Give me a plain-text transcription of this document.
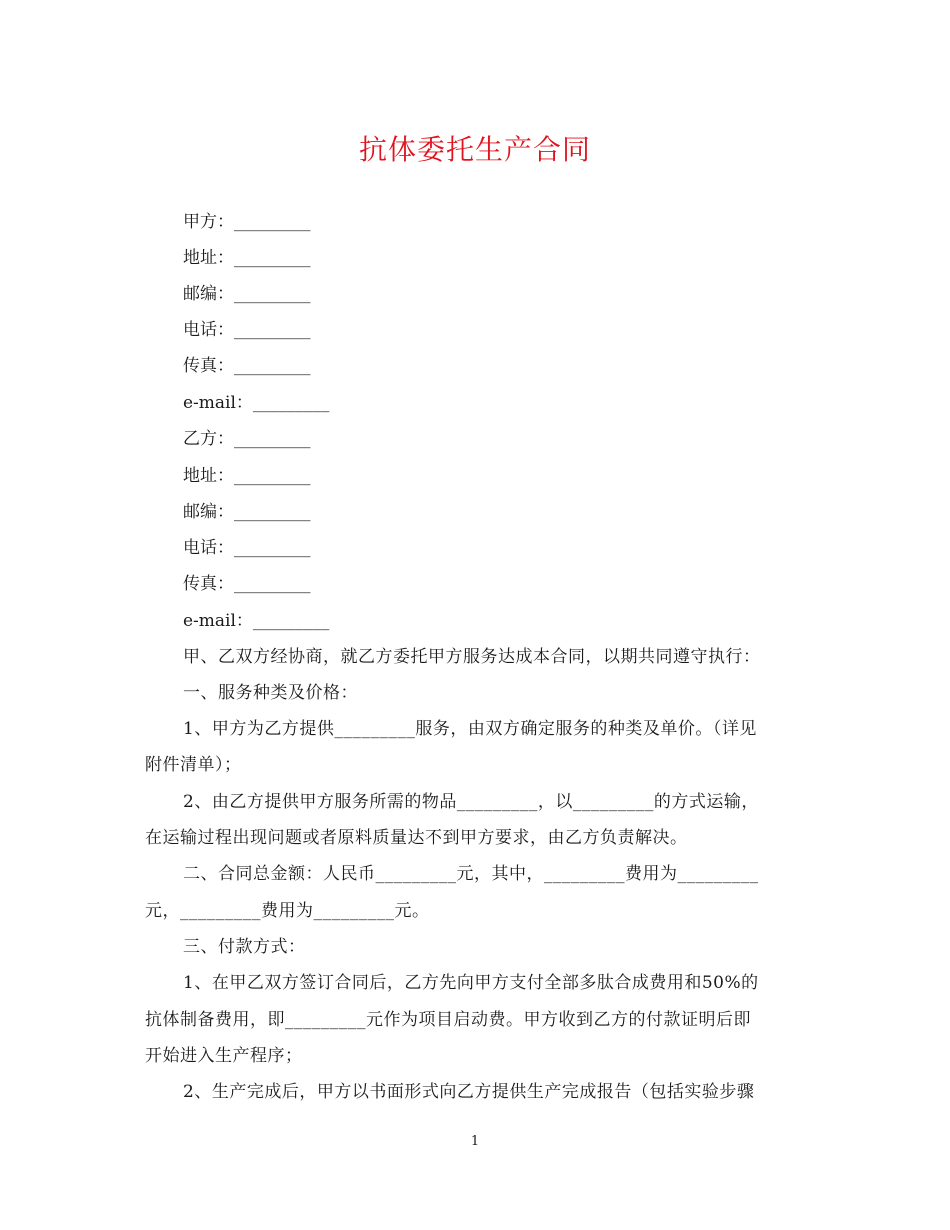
抗体委托生产合同
甲方：_________
地址：_________
邮编：_________
电话：_________
传真：_________
e-mail：_________
乙方：_________
地址：_________
邮编：_________
电话：_________
传真：_________
e-mail：_________
甲、乙双方经协商，就乙方委托甲方服务达成本合同，以期共同遵守执行：
一、服务种类及价格：
1、甲方为乙方提供_________服务，由双方确定服务的种类及单价。（详见
附件清单）；
2、由乙方提供甲方服务所需的物品_________，以_________的方式运输，
在运输过程出现问题或者原料质量达不到甲方要求，由乙方负责解决。
二、合同总金额：人民币_________元，其中，_________费用为_________
元，_________费用为_________元。
三、付款方式：
1、在甲乙双方签订合同后，乙方先向甲方支付全部多肽合成费用和50%的
抗体制备费用，即_________元作为项目启动费。甲方收到乙方的付款证明后即
开始进入生产程序；
2、生产完成后，甲方以书面形式向乙方提供生产完成报告（包括实验步骤
1
